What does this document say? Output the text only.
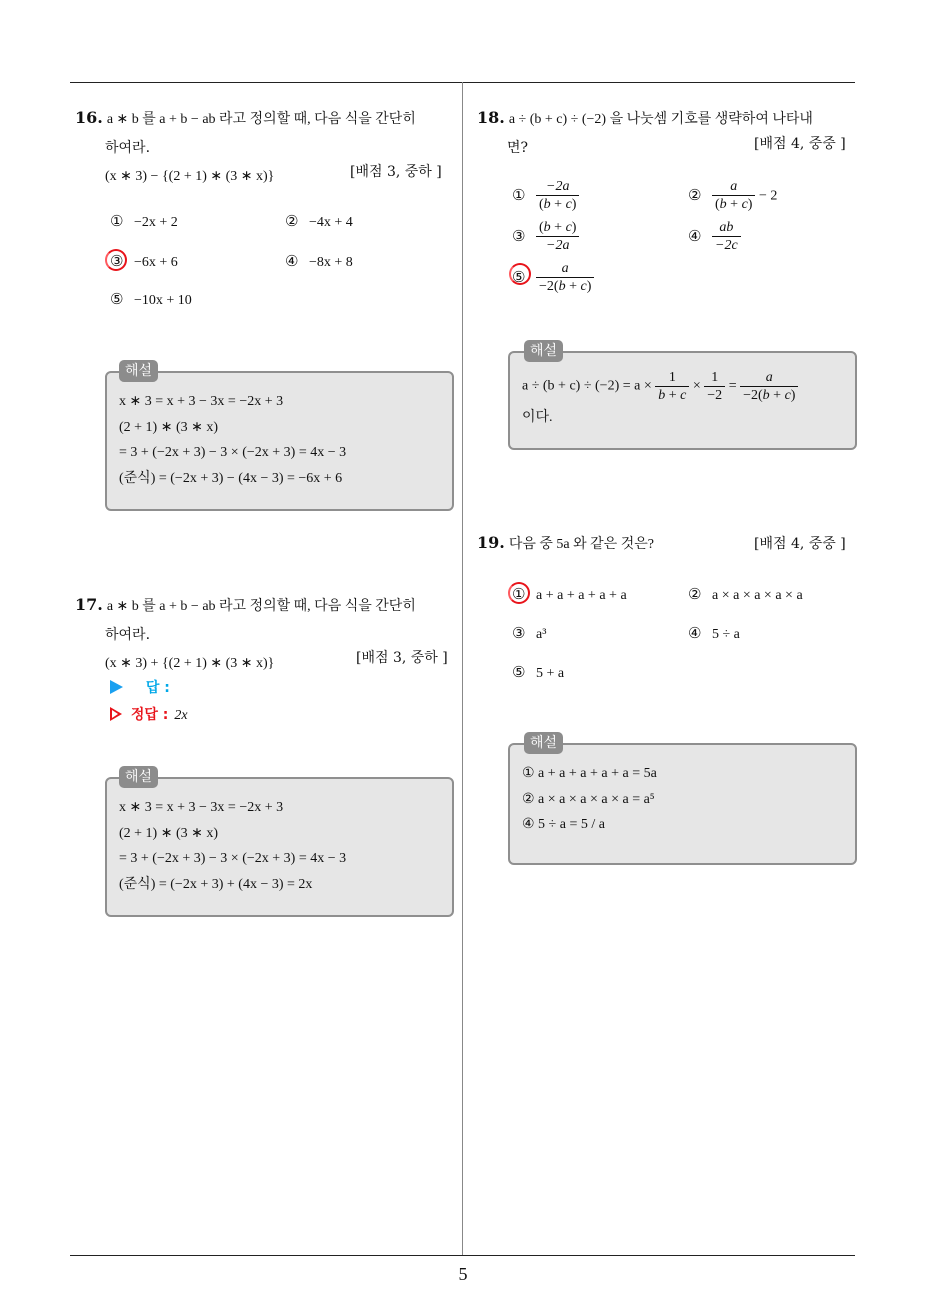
5
16. a ∗ b 를 a + b − ab 라고 정의할 때, 다음 식을 간단히
하여라.
(x ∗ 3) − {(2 + 1) ∗ (3 ∗ x)}	[배점 3, 중하 ]
① −2x + 2	② −4x + 4
③ −6x + 6	④ −8x + 8
⑤ −10x + 10
x ∗ 3 = x + 3 − 3x = −2x + 3
(2 + 1) ∗ (3 ∗ x)
= 3 + (−2x + 3) − 3 × (−2x + 3) = 4x − 3
(준식) = (−2x + 3) − (4x − 3) = −6x + 6
해설
17. a ∗ b 를 a + b − ab 라고 정의할 때, 다음 식을 간단히
하여라.
(x ∗ 3) + {(2 + 1) ∗ (3 ∗ x)}	[배점 3, 중하 ]
답 :
정답 : 2x
x ∗ 3 = x + 3 − 3x = −2x + 3
(2 + 1) ∗ (3 ∗ x)
= 3 + (−2x + 3) − 3 × (−2x + 3) = 4x − 3
(준식) = (−2x + 3) + (4x − 3) = 2x
해설
18. a ÷ (b + c) ÷ (−2) 을 나눗셈 기호를 생략하여 나타내
면?	[배점 4, 중중 ]
① $\frac{-2a}{(b + c)}$	② $\frac{a}{(b + c)} - 2$
③ $\frac{(b + c)}{-2a}$	④ $\frac{ab}{-2c}$
⑤ $\frac{a}{-2(b + c)}$
$a \div (b + c) \div (-2) = a \times \frac{1}{b + c} \times \frac{1}{-2} = \frac{a}{-2(b + c)}$
이다.
해설
19. 다음 중 5a 와 같은 것은?	[배점 4, 중중 ]
① a + a + a + a + a	② a × a × a × a × a
③ a³	④ 5 ÷ a
⑤ 5 + a
① a + a + a + a + a = 5a
② a × a × a × a × a = a⁵
④ 5 ÷ a = 5 / a
해설
